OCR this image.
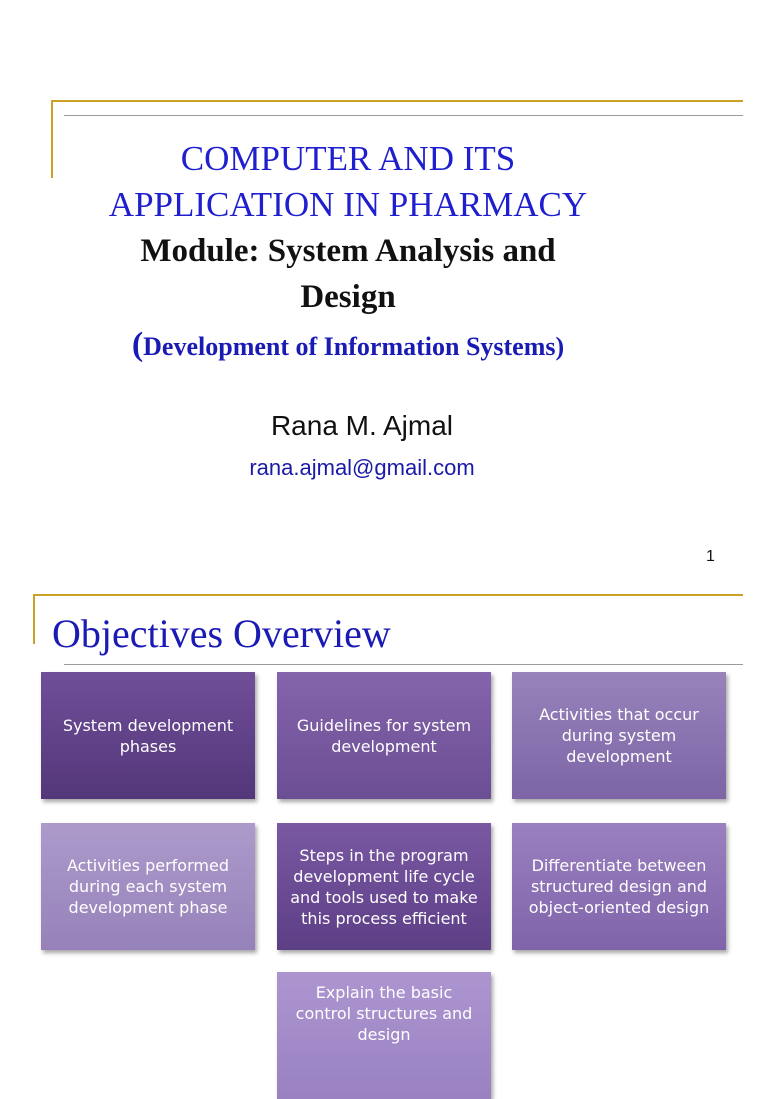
COMPUTER AND ITS
APPLICATION IN PHARMACY
Module: System Analysis and
Design
(Development of Information Systems)
Rana M. Ajmal
rana.ajmal@gmail.com
1
Objectives Overview
System development phases
Guidelines for system development
Activities that occur during system development
Activities performed during each system development phase
Steps in the program development life cycle and tools used to make this process efficient
Differentiate between structured design and object-oriented design
Explain the basic control structures and design
